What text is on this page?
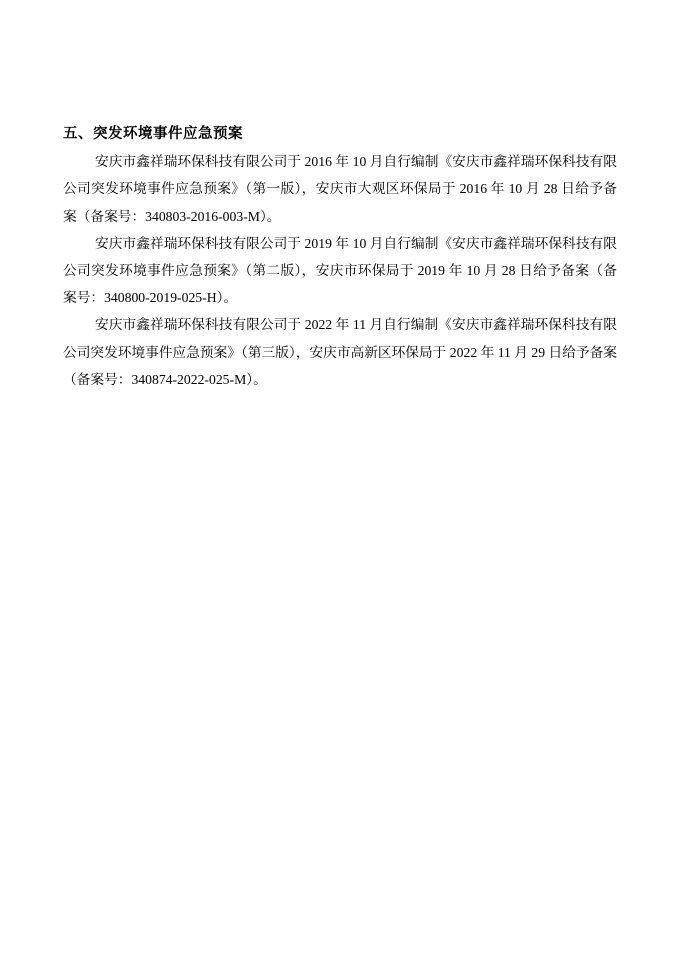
五、突发环境事件应急预案

安庆市鑫祥瑞环保科技有限公司于 2016 年 10 月自行编制《安庆市鑫祥瑞环保科技有限公司突发环境事件应急预案》（第一版），安庆市大观区环保局于 2016 年 10 月 28 日给予备案（备案号：340803-2016-003-M）。

安庆市鑫祥瑞环保科技有限公司于 2019 年 10 月自行编制《安庆市鑫祥瑞环保科技有限公司突发环境事件应急预案》（第二版），安庆市环保局于 2019 年 10 月 28 日给予备案（备案号：340800-2019-025-H）。

安庆市鑫祥瑞环保科技有限公司于 2022 年 11 月自行编制《安庆市鑫祥瑞环保科技有限公司突发环境事件应急预案》（第三版），安庆市高新区环保局于 2022 年 11 月 29 日给予备案（备案号：340874-2022-025-M）。
